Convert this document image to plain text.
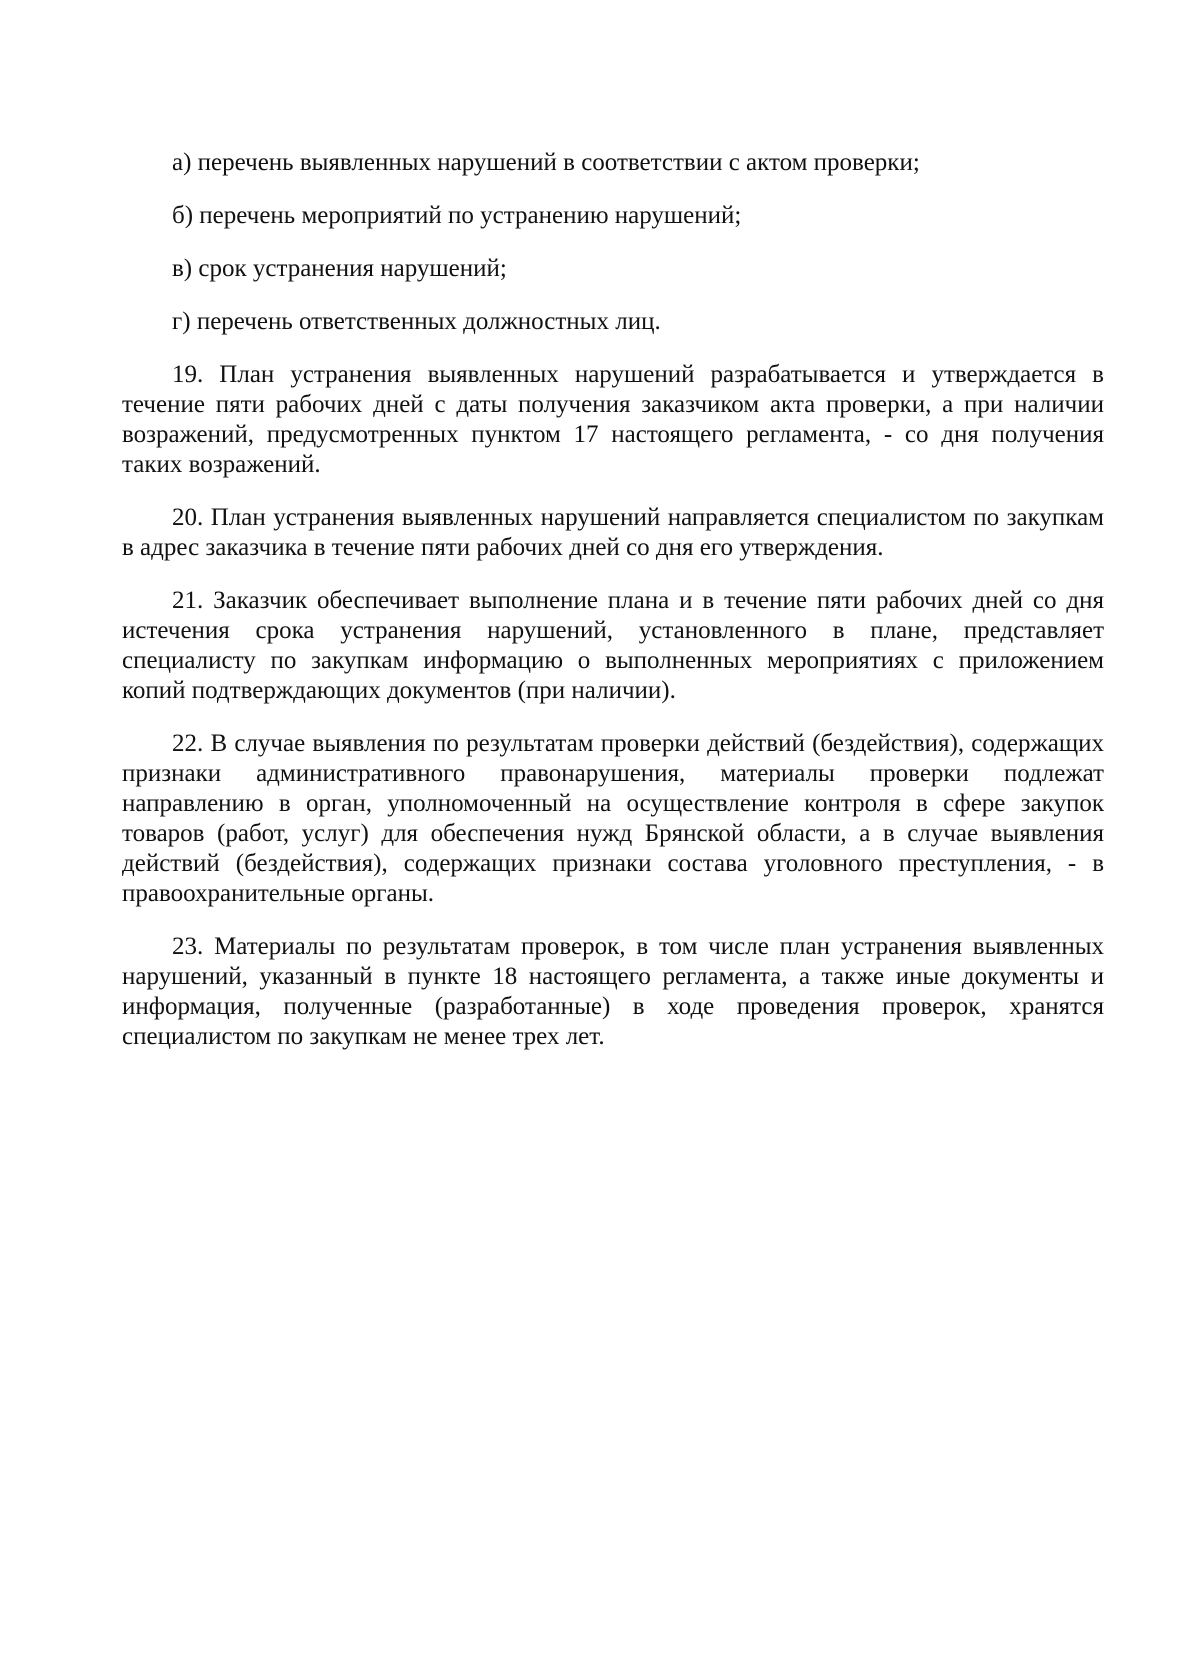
а) перечень выявленных нарушений в соответствии с актом проверки;

б) перечень мероприятий по устранению нарушений;

в) срок устранения нарушений;

г) перечень ответственных должностных лиц.

19. План устранения выявленных нарушений разрабатывается и утверждается в течение пяти рабочих дней с даты получения заказчиком акта проверки, а при наличии возражений, предусмотренных пунктом 17 настоящего регламента, - со дня получения таких возражений.

20. План устранения выявленных нарушений направляется специалистом по закупкам в адрес заказчика в течение пяти рабочих дней со дня его утверждения.

21. Заказчик обеспечивает выполнение плана и в течение пяти рабочих дней со дня истечения срока устранения нарушений, установленного в плане, представляет специалисту по закупкам информацию о выполненных мероприятиях с приложением копий подтверждающих документов (при наличии).

22. В случае выявления по результатам проверки действий (бездействия), содержащих признаки административного правонарушения, материалы проверки подлежат направлению в орган, уполномоченный на осуществление контроля в сфере закупок товаров (работ, услуг) для обеспечения нужд Брянской области, а в случае выявления действий (бездействия), содержащих признаки состава уголовного преступления, - в правоохранительные органы.

23. Материалы по результатам проверок, в том числе план устранения выявленных нарушений, указанный в пункте 18 настоящего регламента, а также иные документы и информация, полученные (разработанные) в ходе проведения проверок, хранятся специалистом по закупкам не менее трех лет.
